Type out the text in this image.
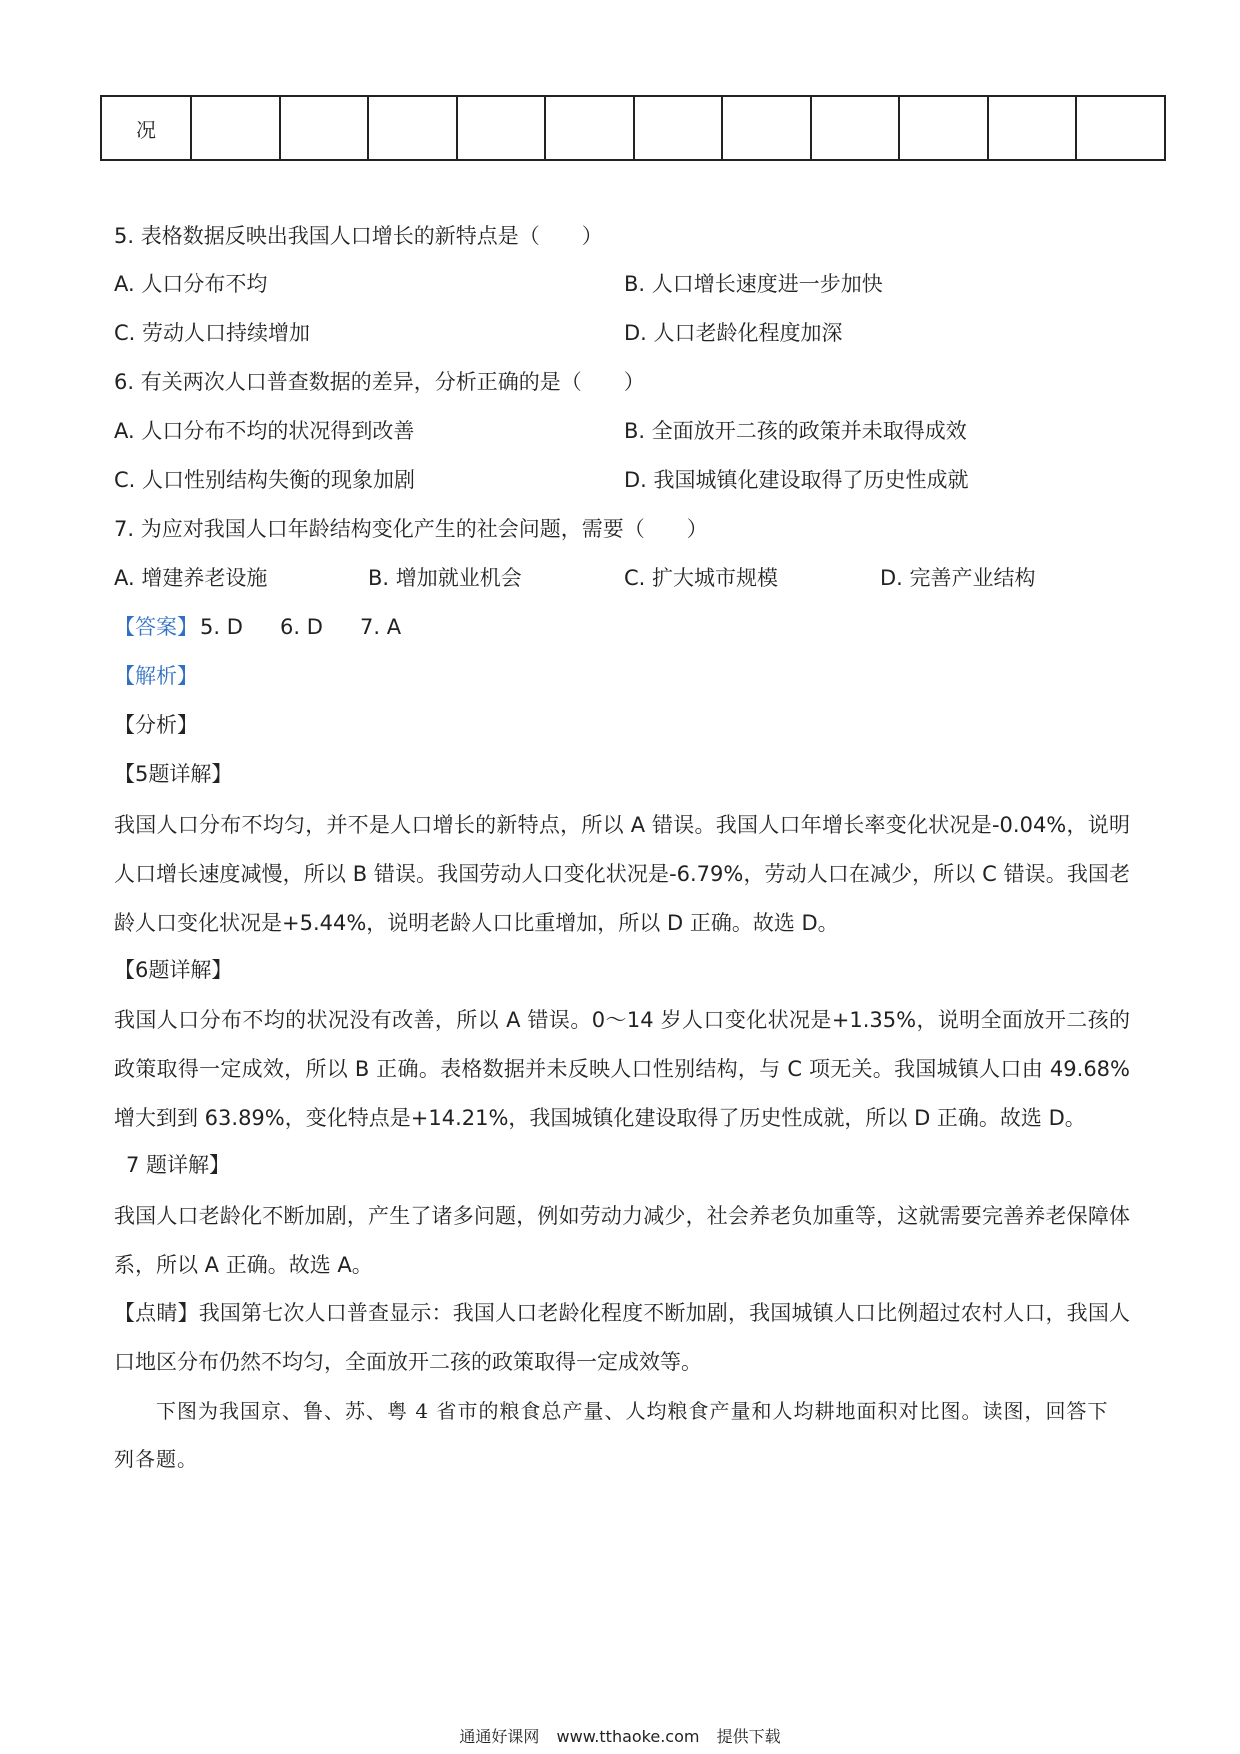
况											
5. 表格数据反映出我国人口增长的新特点是（　　）
A. 人口分布不均	B. 人口增长速度进一步加快
C. 劳动人口持续增加	D. 人口老龄化程度加深
6. 有关两次人口普查数据的差异，分析正确的是（　　）
A. 人口分布不均的状况得到改善	B. 全面放开二孩的政策并未取得成效
C. 人口性别结构失衡的现象加剧	D. 我国城镇化建设取得了历史性成就
7. 为应对我国人口年龄结构变化产生的社会问题，需要（　　）
A. 增建养老设施	B. 增加就业机会	C. 扩大城市规模	D. 完善产业结构
【答案】 5. D 6. D 7. A
【解析】
【分析】
【5题详解】
我国人口分布不均匀，并不是人口增长的新特点，所以 A 错误。我国人口年增长率变化状况是-0.04%，说明人口增长速度减慢，所以 B 错误。我国劳动人口变化状况是-6.79%，劳动人口在减少，所以 C 错误。我国老龄人口变化状况是+5.44%，说明老龄人口比重增加，所以 D 正确。故选 D。
【6题详解】
我国人口分布不均的状况没有改善，所以 A 错误。0～14 岁人口变化状况是+1.35%，说明全面放开二孩的政策取得一定成效，所以 B 正确。表格数据并未反映人口性别结构，与 C 项无关。我国城镇人口由 49.68%增大到到 63.89%，变化特点是+14.21%，我国城镇化建设取得了历史性成就，所以 D 正确。故选 D。
7 题详解】
我国人口老龄化不断加剧，产生了诸多问题，例如劳动力减少，社会养老负加重等，这就需要完善养老保障体系，所以 A 正确。故选 A。
【点睛】我国第七次人口普查显示：我国人口老龄化程度不断加剧，我国城镇人口比例超过农村人口，我国人口地区分布仍然不均匀，全面放开二孩的政策取得一定成效等。
下图为我国京、鲁、苏、粤 4 省市的粮食总产量、人均粮食产量和人均耕地面积对比图。读图，回答下列各题。
通通好课网 www.tthaoke.com 提供下载
